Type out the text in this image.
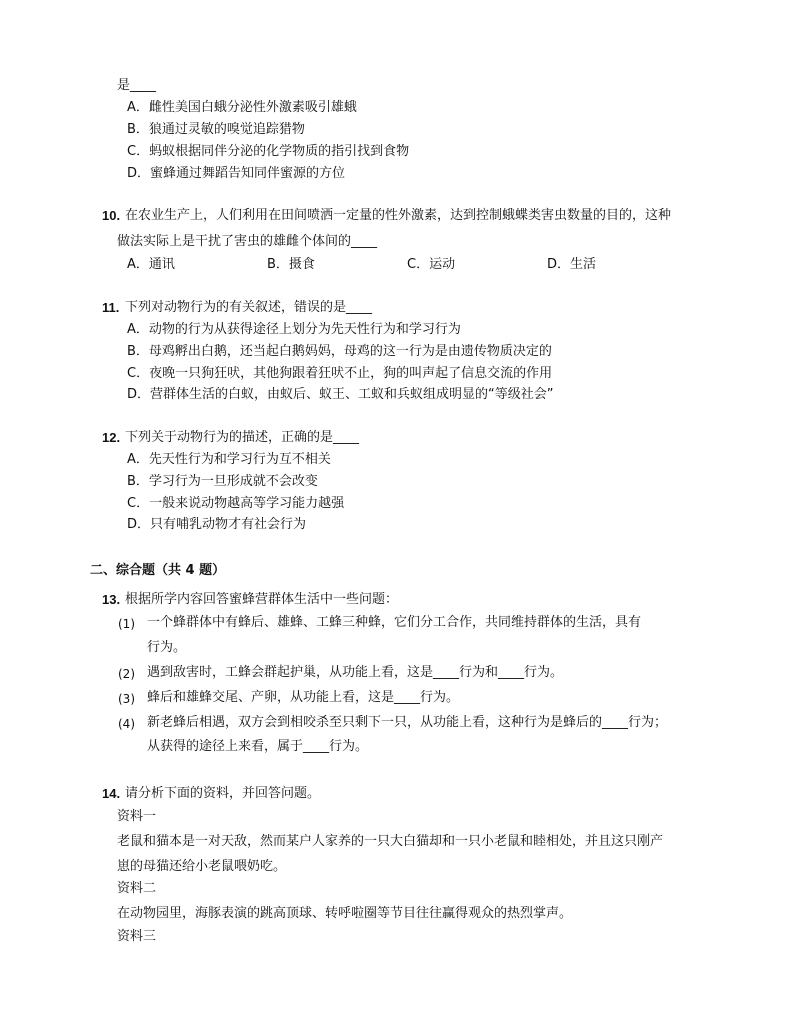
是____
A．雌性美国白蛾分泌性外激素吸引雄蛾
B．狼通过灵敏的嗅觉追踪猎物
C．蚂蚁根据同伴分泌的化学物质的指引找到食物
D．蜜蜂通过舞蹈告知同伴蜜源的方位
10. 在农业生产上，人们利用在田间喷洒一定量的性外激素，达到控制蛾蝶类害虫数量的目的，这种
做法实际上是干扰了害虫的雄雌个体间的____
A．通讯	B．摄食	C．运动	D．生活
11. 下列对动物行为的有关叙述，错误的是____
A．动物的行为从获得途径上划分为先天性行为和学习行为
B．母鸡孵出白鹅，还当起白鹅妈妈，母鸡的这一行为是由遗传物质决定的
C．夜晚一只狗狂吠，其他狗跟着狂吠不止，狗的叫声起了信息交流的作用
D．营群体生活的白蚁，由蚁后、蚁王、工蚁和兵蚁组成明显的“等级社会”
12. 下列关于动物行为的描述，正确的是____
A．先天性行为和学习行为互不相关
B．学习行为一旦形成就不会改变
C．一般来说动物越高等学习能力越强
D．只有哺乳动物才有社会行为
二、综合题（共 4 题）
13. 根据所学内容回答蜜蜂营群体生活中一些问题：
(1) 一个蜂群体中有蜂后、雄蜂、工蜂三种蜂，它们分工合作，共同维持群体的生活，具有
行为。
(2) 遇到敌害时，工蜂会群起护巢，从功能上看，这是____行为和____行为。
(3) 蜂后和雄蜂交尾、产卵，从功能上看，这是____行为。
(4) 新老蜂后相遇，双方会到相咬杀至只剩下一只，从功能上看，这种行为是蜂后的____行为；
从获得的途径上来看，属于____行为。
14. 请分析下面的资料，并回答问题。
资料一
老鼠和猫本是一对天敌，然而某户人家养的一只大白猫却和一只小老鼠和睦相处，并且这只刚产
崽的母猫还给小老鼠喂奶吃。
资料二
在动物园里，海豚表演的跳高顶球、转呼啦圈等节目往往赢得观众的热烈掌声。
资料三
